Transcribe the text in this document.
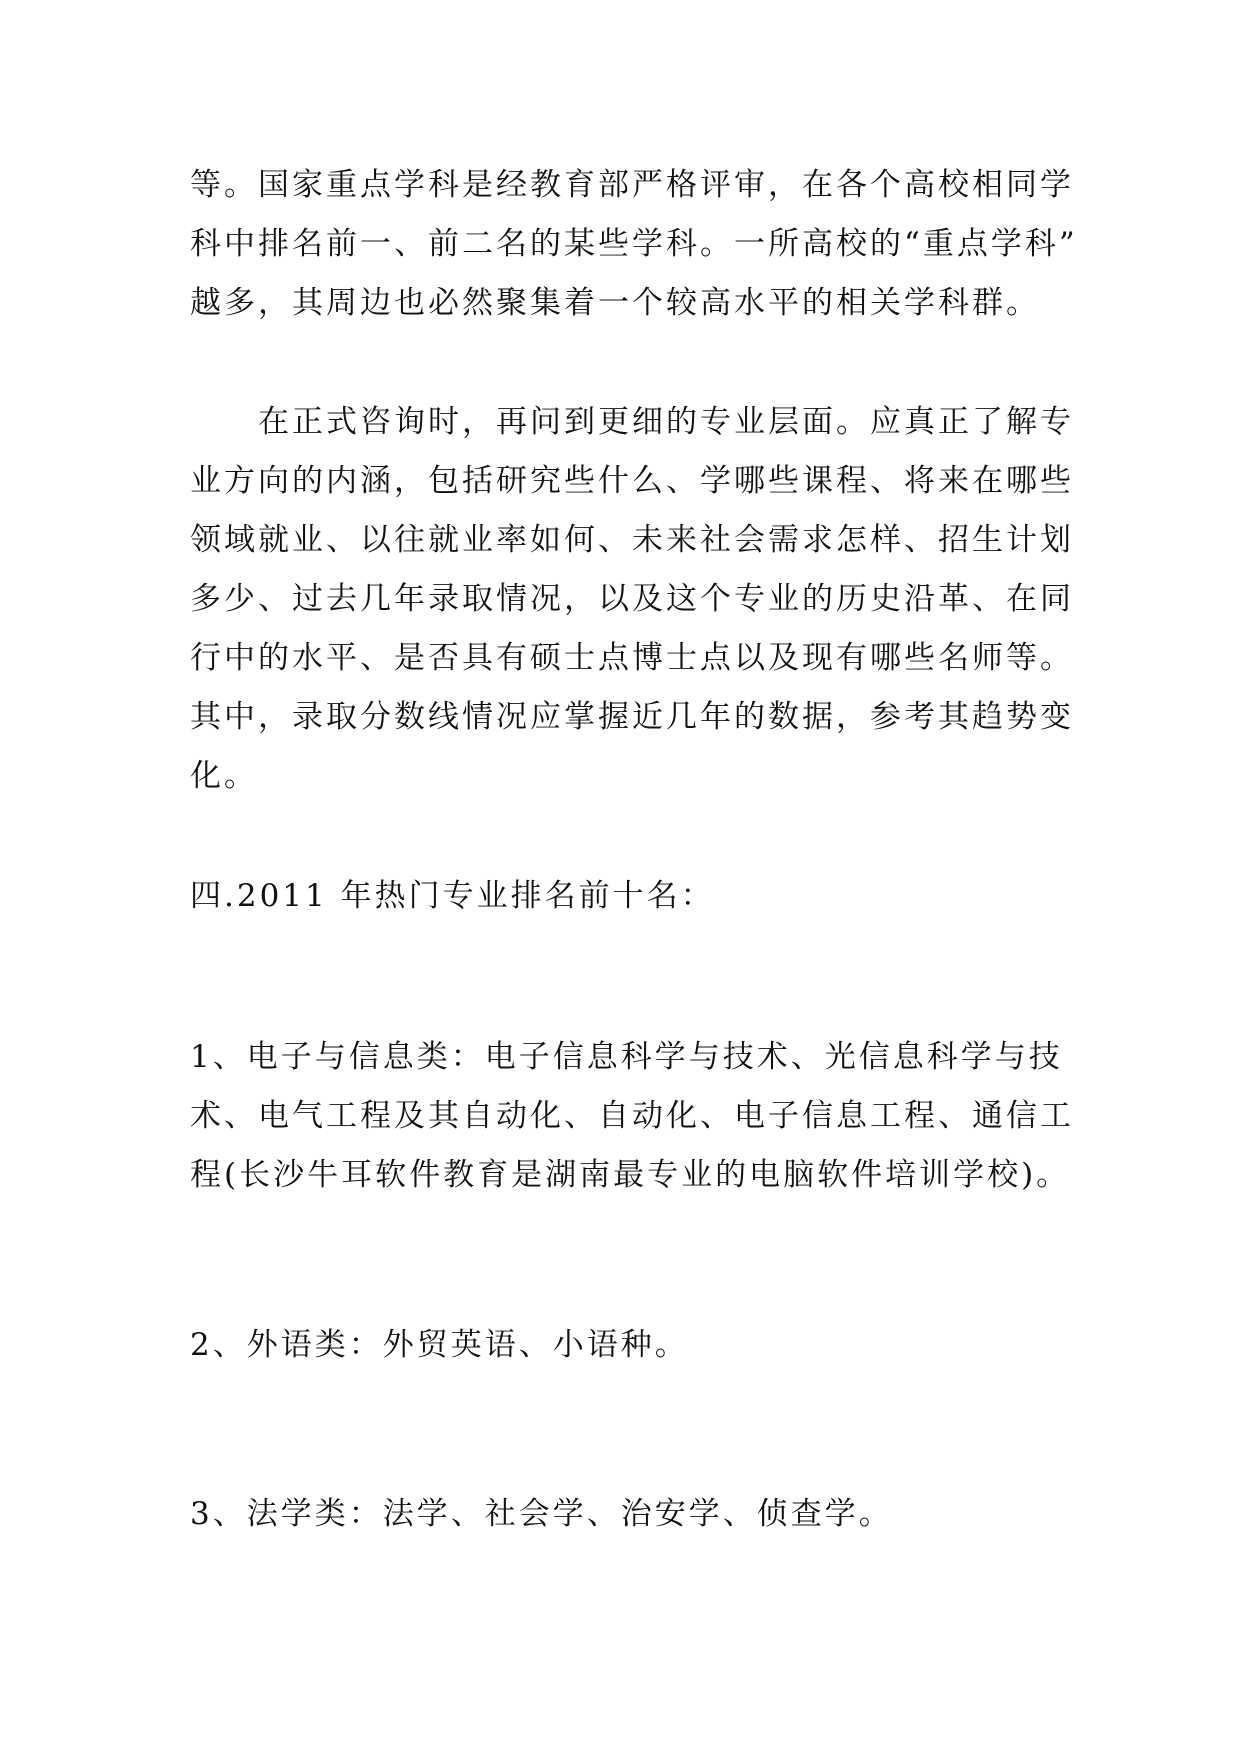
等。国家重点学科是经教育部严格评审，在各个高校相同学

科中排名前一、前二名的某些学科。一所高校的“重点学科”

越多，其周边也必然聚集着一个较高水平的相关学科群。

　　在正式咨询时，再问到更细的专业层面。应真正了解专

业方向的内涵，包括研究些什么、学哪些课程、将来在哪些

领域就业、以往就业率如何、未来社会需求怎样、招生计划

多少、过去几年录取情况，以及这个专业的历史沿革、在同

行中的水平、是否具有硕士点博士点以及现有哪些名师等。

其中，录取分数线情况应掌握近几年的数据，参考其趋势变

化。

四.2011 年热门专业排名前十名：

1、电子与信息类：电子信息科学与技术、光信息科学与技

术、电气工程及其自动化、自动化、电子信息工程、通信工

程(长沙牛耳软件教育是湖南最专业的电脑软件培训学校)。

2、外语类：外贸英语、小语种。

3、法学类：法学、社会学、治安学、侦查学。
